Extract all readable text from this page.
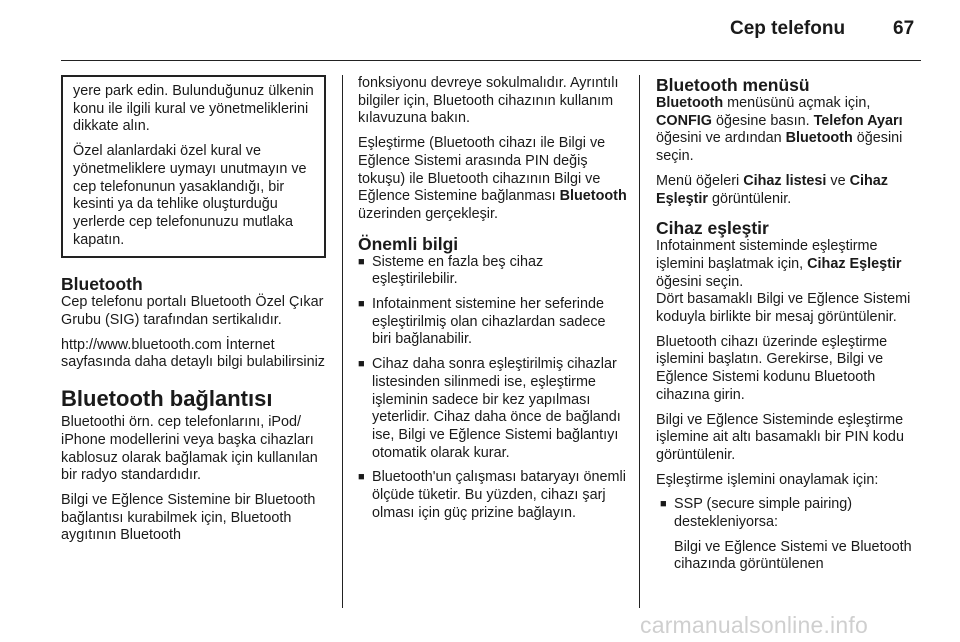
Cep telefonu	67

yere park edin. Bulunduğunuz ülkenin konu ile ilgili kural ve yönetmeliklerini dikkate alın.

Özel alanlardaki özel kural ve yönetmeliklere uymayı unutmayın ve cep telefonunun yasaklandığı, bir kesinti ya da tehlike oluşturduğu yerlerde cep telefonunuzu mutlaka kapatın.

Bluetooth

Cep telefonu portalı Bluetooth Özel Çıkar Grubu (SIG) tarafından sertikalıdır.

http://www.bluetooth.com İnternet sayfasında daha detaylı bilgi bulabilirsiniz

Bluetooth bağlantısı

Bluetoothi örn. cep telefonlarını, iPod/ iPhone modellerini veya başka cihazları kablosuz olarak bağlamak için kullanılan bir radyo standardıdır.

Bilgi ve Eğlence Sistemine bir Bluetooth bağlantısı kurabilmek için, Bluetooth aygıtının Bluetooth

fonksiyonu devreye sokulmalıdır. Ayrıntılı bilgiler için, Bluetooth cihazının kullanım kılavuzuna bakın.

Eşleştirme (Bluetooth cihazı ile Bilgi ve Eğlence Sistemi arasında PIN değiş tokuşu) ile Bluetooth cihazının Bilgi ve Eğlence Sistemine bağlanması Bluetooth üzerinden gerçekleşir.

Önemli bilgi
■ Sisteme en fazla beş cihaz eşleştirilebilir.
■ Infotainment sistemine her seferinde eşleştirilmiş olan cihazlardan sadece biri bağlanabilir.
■ Cihaz daha sonra eşleştirilmiş cihazlar listesinden silinmedi ise, eşleştirme işleminin sadece bir kez yapılması yeterlidir. Cihaz daha önce de bağlandı ise, Bilgi ve Eğlence Sistemi bağlantıyı otomatik olarak kurar.
■ Bluetooth'un çalışması bataryayı önemli ölçüde tüketir. Bu yüzden, cihazı şarj olması için güç prizine bağlayın.
Bluetooth menüsü

Bluetooth menüsünü açmak için, CONFIG öğesine basın. Telefon Ayarı öğesini ve ardından Bluetooth öğesini seçin.

Menü öğeleri Cihaz listesi ve Cihaz Eşleştir görüntülenir.

Cihaz eşleştir

Infotainment sisteminde eşleştirme işlemini başlatmak için, Cihaz Eşleştir öğesini seçin.

Dört basamaklı Bilgi ve Eğlence Sistemi koduyla birlikte bir mesaj görüntülenir.

Bluetooth cihazı üzerinde eşleştirme işlemini başlatın. Gerekirse, Bilgi ve Eğlence Sistemi kodunu Bluetooth cihazına girin.

Bilgi ve Eğlence Sisteminde eşleştirme işlemine ait altı basamaklı bir PIN kodu görüntülenir.

Eşleştirme işlemini onaylamak için:

■ SSP (secure simple pairing) destekleniyorsa:

Bilgi ve Eğlence Sistemi ve Bluetooth cihazında görüntülenen

carmanualsonline.info
